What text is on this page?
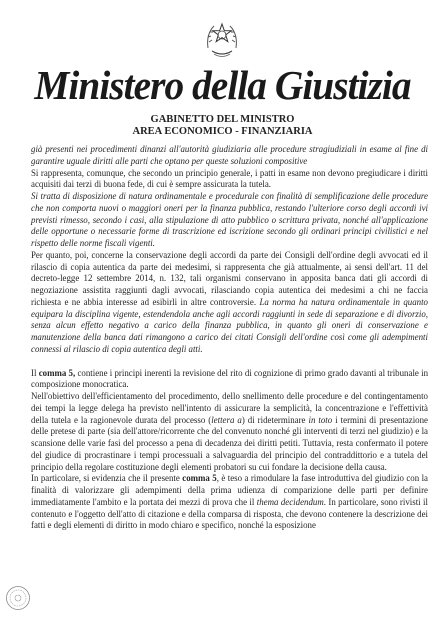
Ministero della Giustizia
GABINETTO DEL MINISTRO
AREA ECONOMICO - FINANZIARIA

già presenti nei procedimenti dinanzi all'autorità giudiziaria alle procedure stragiudiziali in esame al fine di garantire uguale diritti alle parti che optano per queste soluzioni compositive

Si rappresenta, comunque, che secondo un principio generale, i patti in esame non devono pregiudicare i diritti acquisiti dai terzi di buona fede, di cui è sempre assicurata la tutela.

Si tratta di disposizione di natura ordinamentale e procedurale con finalità di semplificazione delle procedure che non comporta nuovi o maggiori oneri per la finanza pubblica, restando l'ulteriore corso degli accordi ivi previsti rimesso, secondo i casi, alla stipulazione di atto pubblico o scrittura privata, nonché all'applicazione delle opportune o necessarie forme di trascrizione ed iscrizione secondo gli ordinari principi civilistici e nel rispetto delle norme fiscali vigenti.

Per quanto, poi, concerne la conservazione degli accordi da parte dei Consigli dell'ordine degli avvocati ed il rilascio di copia autentica da parte dei medesimi, si rappresenta che già attualmente, ai sensi dell'art. 11 del decreto-legge 12 settembre 2014, n. 132, tali organismi conservano in apposita banca dati gli accordi di negoziazione assistita raggiunti dagli avvocati, rilasciando copia autentica dei medesimi a chi ne faccia richiesta e ne abbia interesse ad esibirli in altre controversie. La norma ha natura ordinamentale in quanto equipara la disciplina vigente, estendendola anche agli accordi raggiunti in sede di separazione e di divorzio, senza alcun effetto negativo a carico della finanza pubblica, in quanto gli oneri di conservazione e manutenzione della banca dati rimangono a carico dei citati Consigli dell'ordine così come gli adempimenti connessi al rilascio di copia autentica degli atti.

Il comma 5, contiene i principi inerenti la revisione del rito di cognizione di primo grado davanti al tribunale in composizione monocratica.

Nell'obiettivo dell'efficientamento del procedimento, dello snellimento delle procedure e del contingentamento dei tempi la legge delega ha previsto nell'intento di assicurare la semplicità, la concentrazione e l'effettività della tutela e la ragionevole durata del processo (lettera a) di rideterminare in toto i termini di presentazione delle pretese di parte (sia dell'attore/ricorrente che del convenuto nonché gli interventi di terzi nel giudizio) e la scansione delle varie fasi del processo a pena di decadenza dei diritti petiti. Tuttavia, resta confermato il potere del giudice di procrastinare i tempi processuali a salvaguardia del principio del contraddittorio e a tutela del principio della regolare costituzione degli elementi probatori su cui fondare la decisione della causa.

In particolare, si evidenzia che il presente comma 5, è teso a rimodulare la fase introduttiva del giudizio con la finalità di valorizzare gli adempimenti della prima udienza di comparizione delle parti per definire immediatamente l'ambito e la portata dei mezzi di prova che il thema decidendum. In particolare, sono rivisti il contenuto e l'oggetto dell'atto di citazione e della comparsa di risposta, che devono contenere la descrizione dei fatti e degli elementi di diritto in modo chiaro e specifico, nonché la esposizione
